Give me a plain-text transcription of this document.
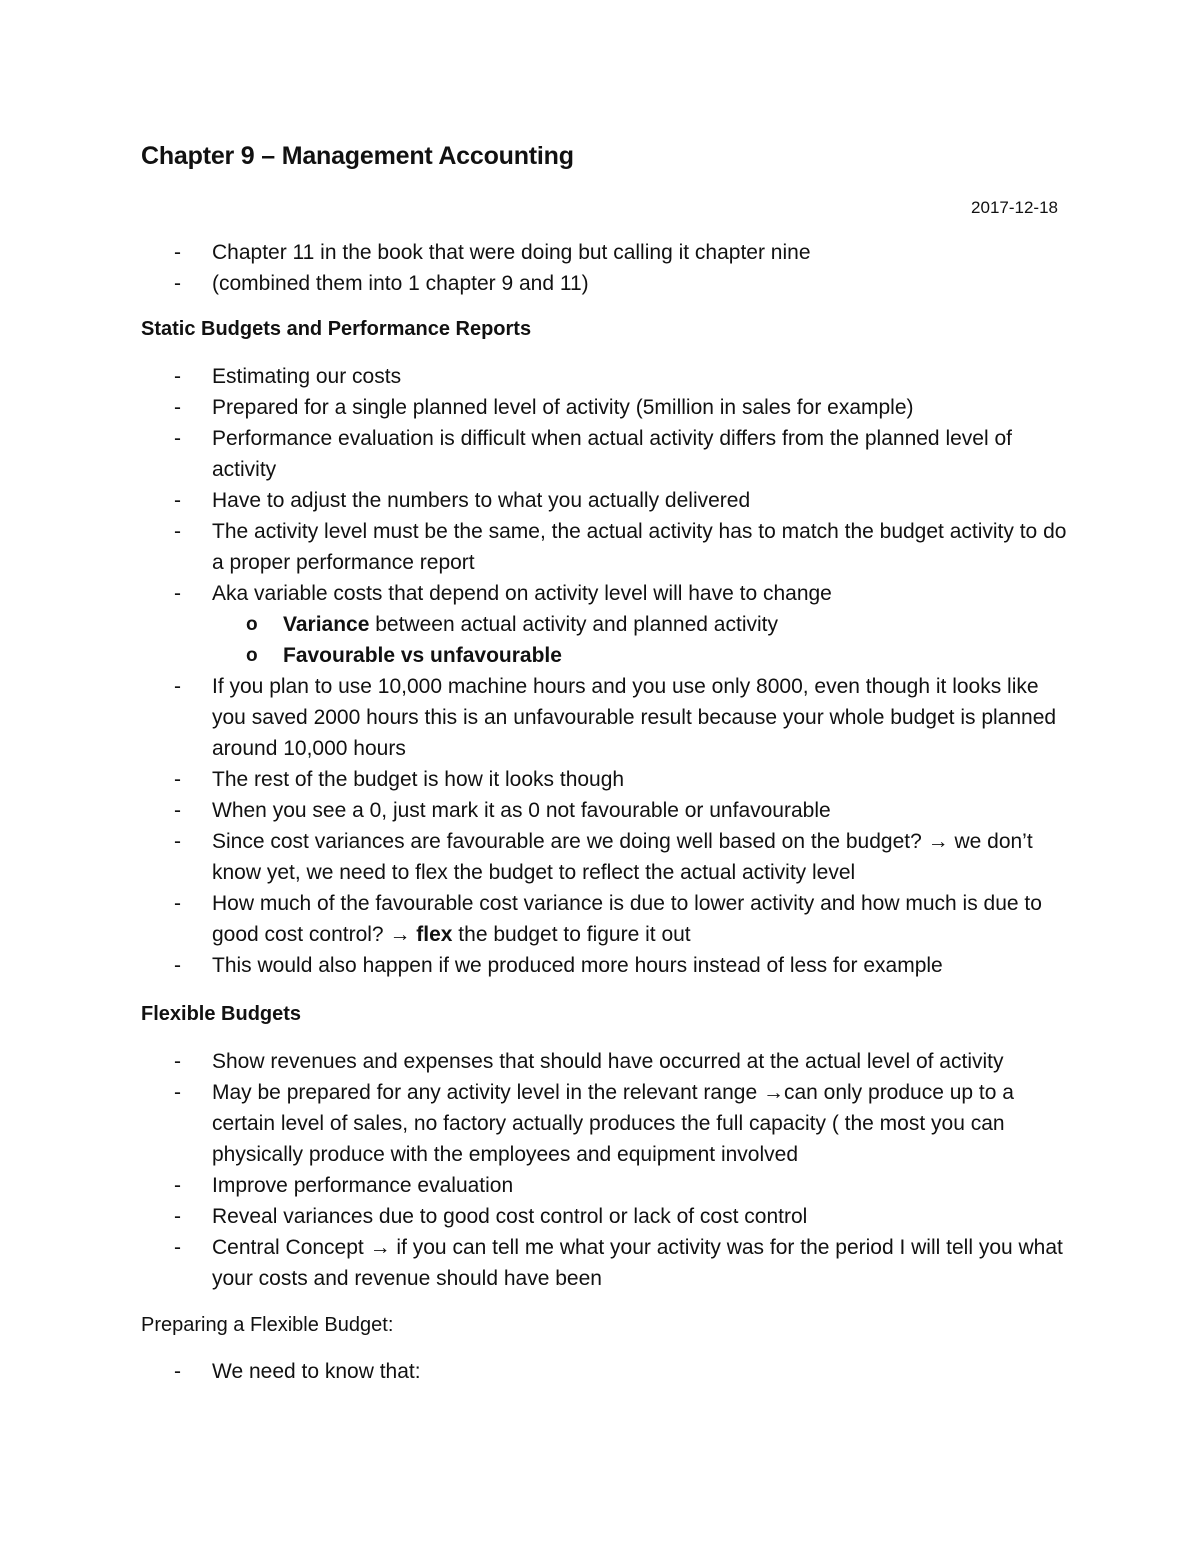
Chapter 9 – Management Accounting
2017-12-18
- Chapter 11 in the book that were doing but calling it chapter nine
- (combined them into 1 chapter 9 and 11)
Static Budgets and Performance Reports
- Estimating our costs
- Prepared for a single planned level of activity (5million in sales for example)
- Performance evaluation is difficult when actual activity differs from the planned level of activity
- Have to adjust the numbers to what you actually delivered
- The activity level must be the same, the actual activity has to match the budget activity to do a proper performance report
- Aka variable costs that depend on activity level will have to change
o Variance between actual activity and planned activity
o Favourable vs unfavourable
- If you plan to use 10,000 machine hours and you use only 8000, even though it looks like you saved 2000 hours this is an unfavourable result because your whole budget is planned around 10,000 hours
- The rest of the budget is how it looks though
- When you see a 0, just mark it as 0 not favourable or unfavourable
- Since cost variances are favourable are we doing well based on the budget? → we don’t know yet, we need to flex the budget to reflect the actual activity level
- How much of the favourable cost variance is due to lower activity and how much is due to good cost control? → flex the budget to figure it out
- This would also happen if we produced more hours instead of less for example
Flexible Budgets
- Show revenues and expenses that should have occurred at the actual level of activity
- May be prepared for any activity level in the relevant range →can only produce up to a certain level of sales, no factory actually produces the full capacity ( the most you can physically produce with the employees and equipment involved
- Improve performance evaluation
- Reveal variances due to good cost control or lack of cost control
- Central Concept → if you can tell me what your activity was for the period I will tell you what your costs and revenue should have been
Preparing a Flexible Budget:
- We need to know that:
